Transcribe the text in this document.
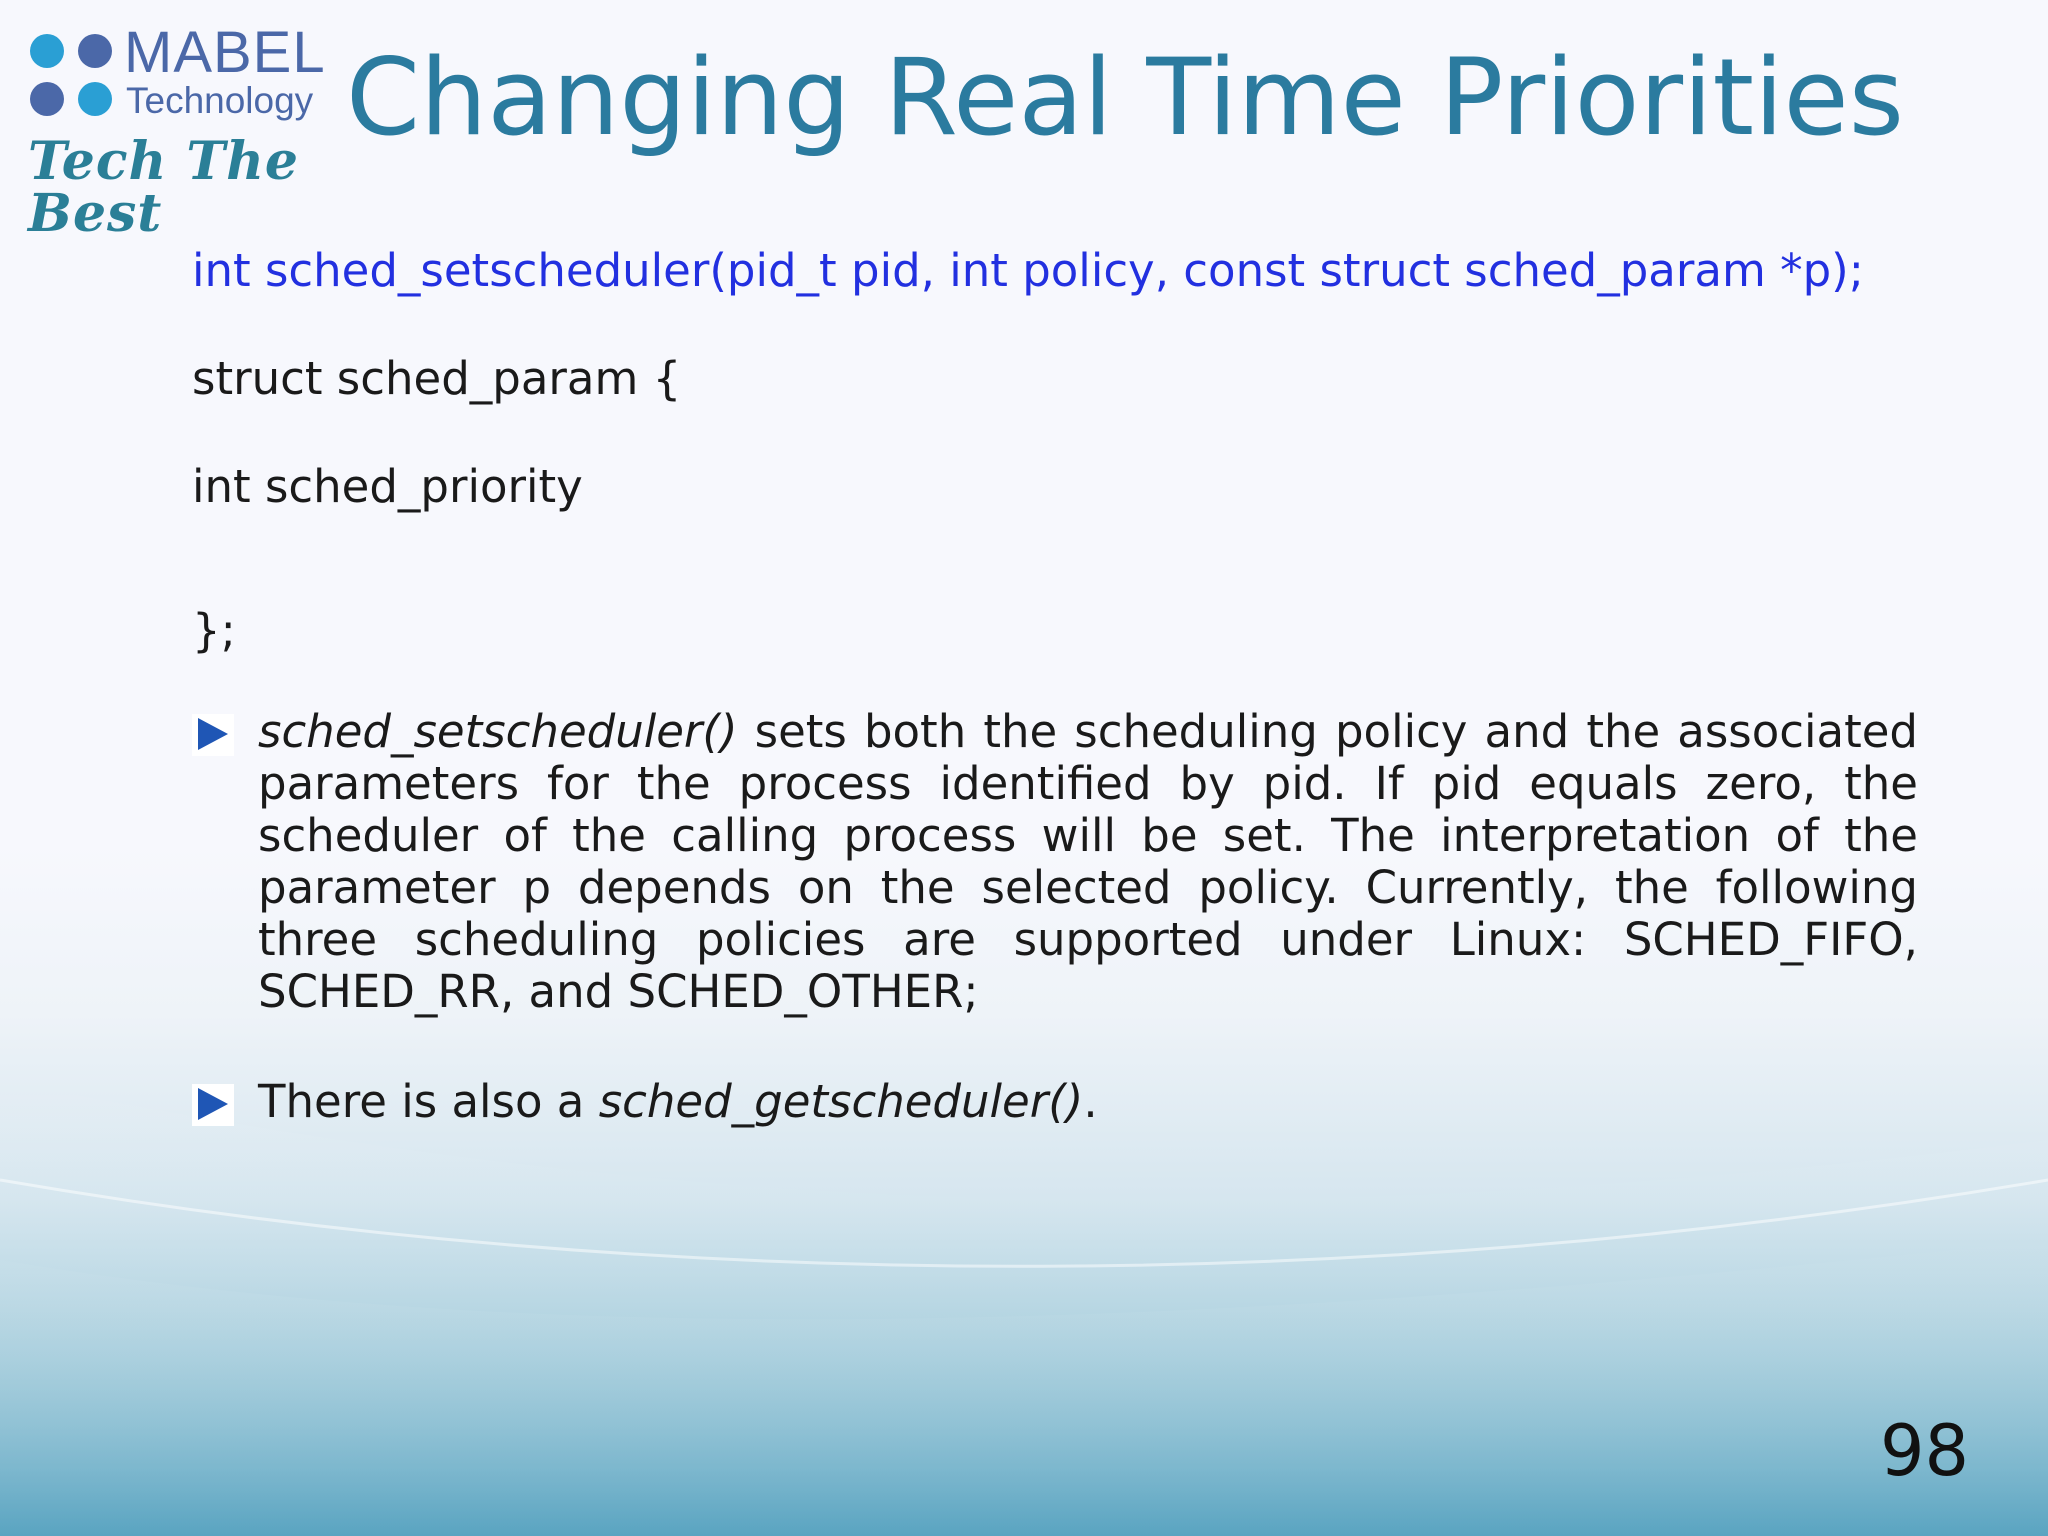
MABEL
Technology
Tech The Best
Changing Real Time Priorities
int sched_setscheduler(pid_t pid, int policy, const struct sched_param *p);
struct sched_param {
int sched_priority
};
sched_setscheduler() sets both the scheduling policy and the associated parameters for the process identified by pid. If pid equals zero, the scheduler of the calling process will be set. The interpretation of the parameter p depends on the selected policy. Currently, the following three scheduling policies are supported under Linux: SCHED_FIFO, SCHED_RR, and SCHED_OTHER;
There is also a sched_getscheduler().
98
